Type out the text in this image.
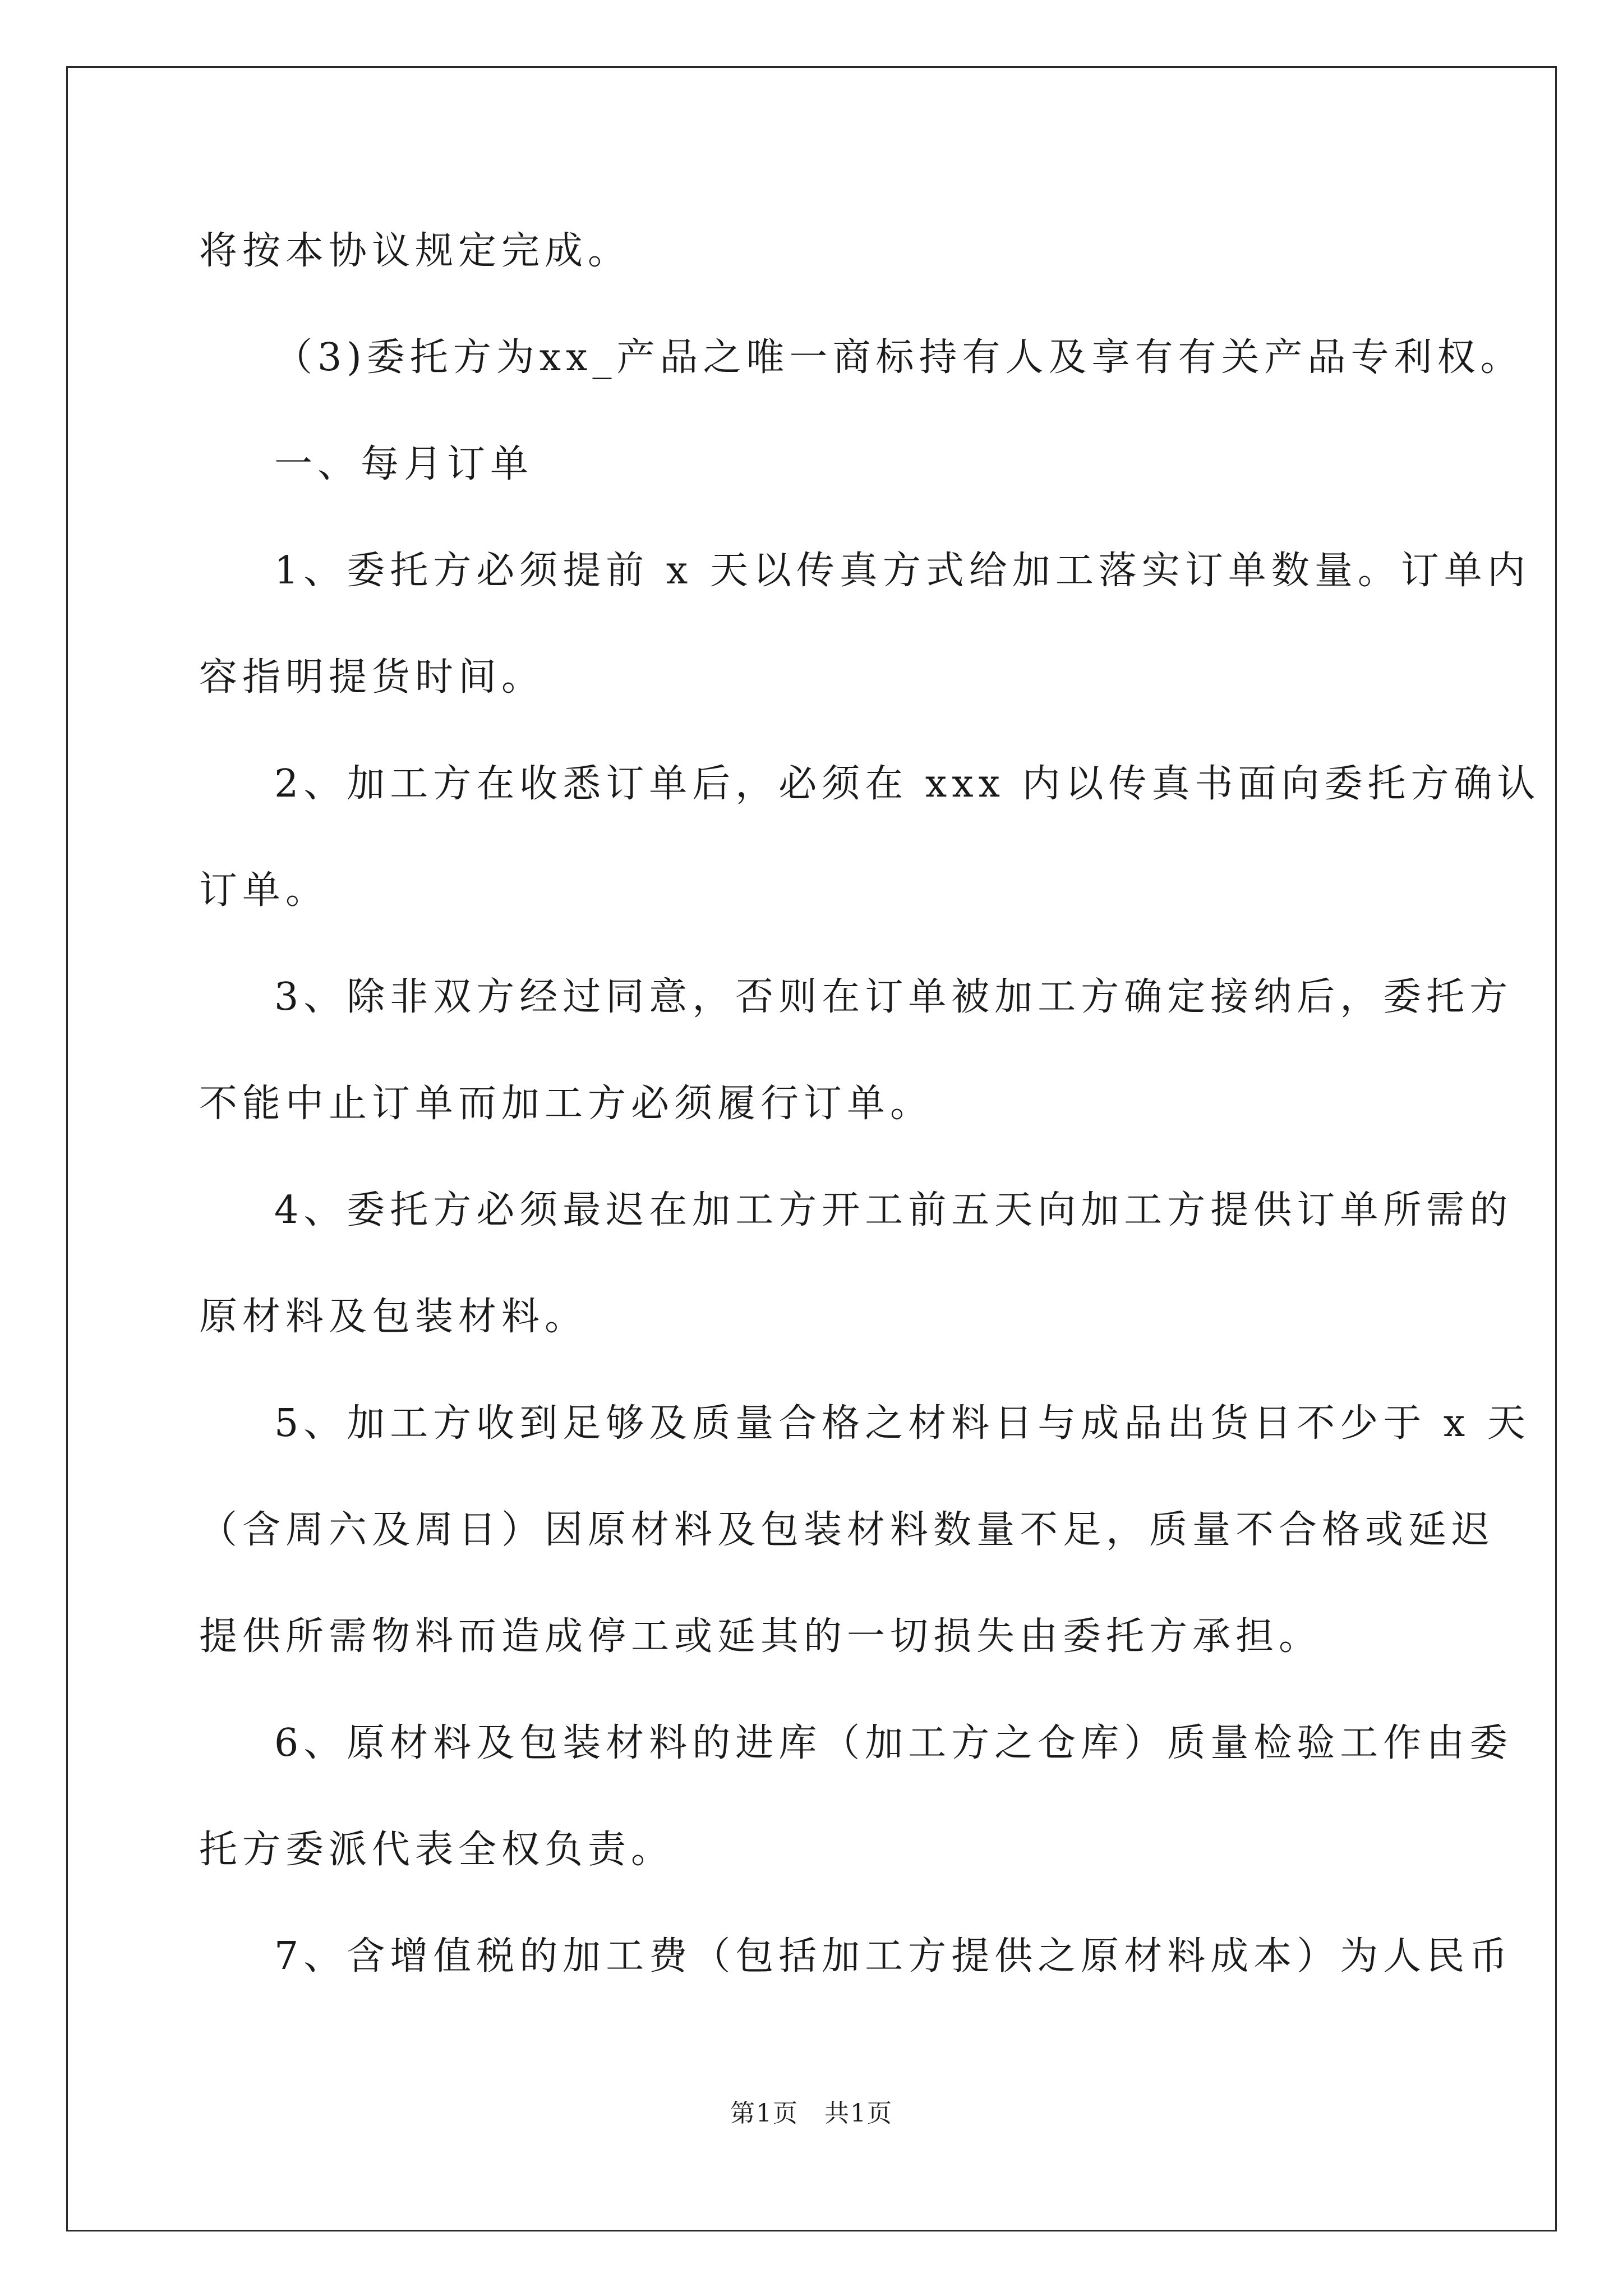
将按本协议规定完成。
（3)委托方为xx_产品之唯一商标持有人及享有有关产品专利权。
一、每月订单
1、委托方必须提前 x 天以传真方式给加工落实订单数量。订单内
容指明提货时间。
2、加工方在收悉订单后，必须在 xxx 内以传真书面向委托方确认
订单。
3、除非双方经过同意，否则在订单被加工方确定接纳后，委托方
不能中止订单而加工方必须履行订单。
4、委托方必须最迟在加工方开工前五天向加工方提供订单所需的
原材料及包装材料。
5、加工方收到足够及质量合格之材料日与成品出货日不少于 x 天
（含周六及周日）因原材料及包装材料数量不足，质量不合格或延迟
提供所需物料而造成停工或延其的一切损失由委托方承担。
6、原材料及包装材料的进库（加工方之仓库）质量检验工作由委
托方委派代表全权负责。
7、含增值税的加工费（包括加工方提供之原材料成本）为人民币
第1页　共1页
